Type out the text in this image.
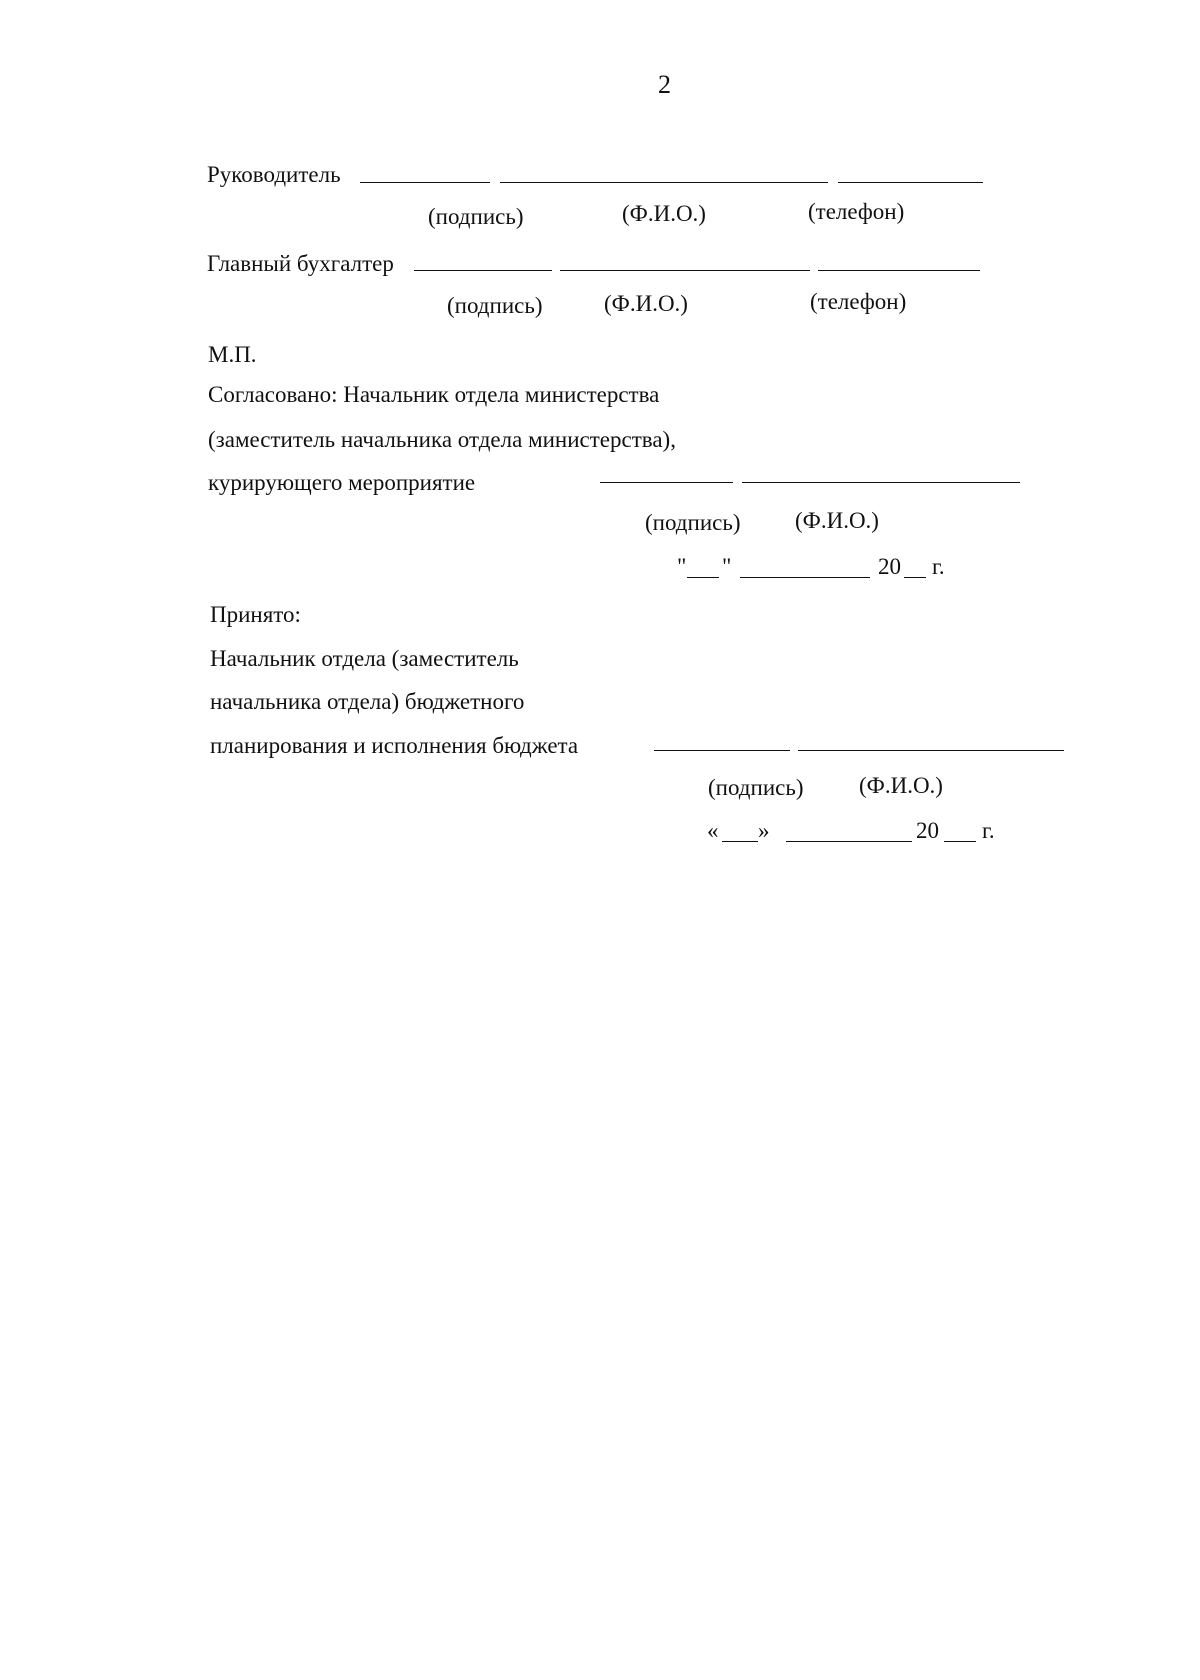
2
Руководитель
(подпись)	(Ф.И.О.)	(телефон)
Главный бухгалтер
(подпись)	(Ф.И.О.)	(телефон)
М.П.
Согласовано: Начальник отдела министерства
(заместитель начальника отдела министерства),
курирующего мероприятие
(подпись) (Ф.И.О.)
" "	20 г.
Принято:
Начальник отдела (заместитель
начальника отдела) бюджетного
планирования и исполнения бюджета
(подпись) (Ф.И.О.)
« »	20 г.
